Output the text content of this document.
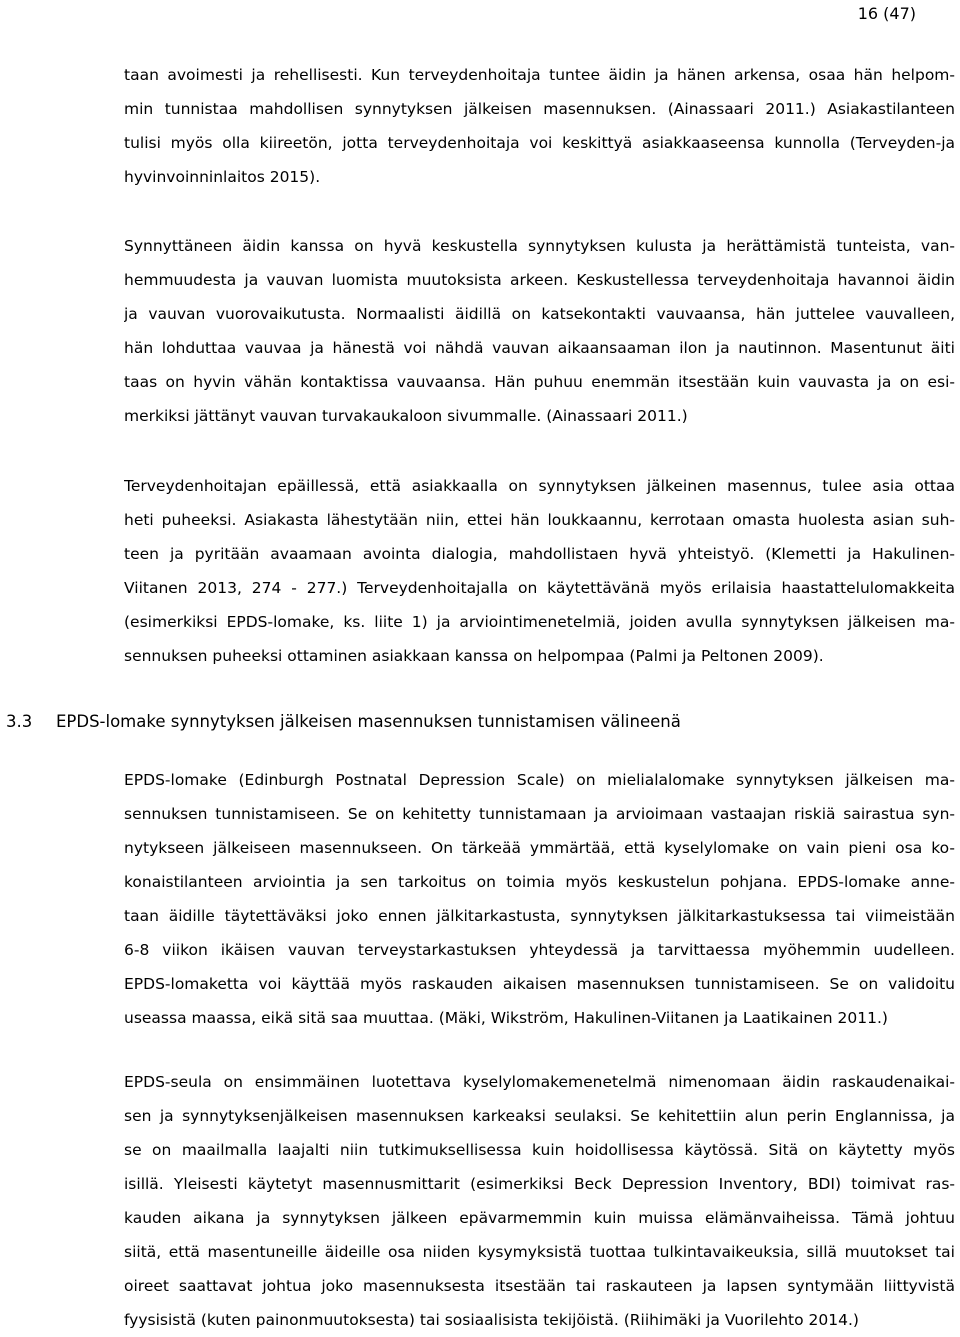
16 (47)

taan avoimesti ja rehellisesti. Kun terveydenhoitaja tuntee äidin ja hänen arkensa, osaa hän helpom-
min tunnistaa mahdollisen synnytyksen jälkeisen masennuksen. (Ainassaari 2011.) Asiakastilanteen
tulisi myös olla kiireetön, jotta terveydenhoitaja voi keskittyä asiakkaaseensa kunnolla (Terveyden-ja
hyvinvoinninlaitos 2015).

Synnyttäneen äidin kanssa on hyvä keskustella synnytyksen kulusta ja herättämistä tunteista, van-
hemmuudesta ja vauvan luomista muutoksista arkeen. Keskustellessa terveydenhoitaja havannoi äidin
ja vauvan vuorovaikutusta. Normaalisti äidillä on katsekontakti vauvaansa, hän juttelee vauvalleen,
hän lohduttaa vauvaa ja hänestä voi nähdä vauvan aikaansaaman ilon ja nautinnon. Masentunut äiti
taas on hyvin vähän kontaktissa vauvaansa. Hän puhuu enemmän itsestään kuin vauvasta ja on esi-
merkiksi jättänyt vauvan turvakaukaloon sivummalle. (Ainassaari 2011.)

Terveydenhoitajan epäillessä, että asiakkaalla on synnytyksen jälkeinen masennus, tulee asia ottaa
heti puheeksi. Asiakasta lähestytään niin, ettei hän loukkaannu, kerrotaan omasta huolesta asian suh-
teen ja pyritään avaamaan avointa dialogia, mahdollistaen hyvä yhteistyö. (Klemetti ja Hakulinen-
Viitanen 2013, 274 - 277.) Terveydenhoitajalla on käytettävänä myös erilaisia haastattelulomakkeita
(esimerkiksi EPDS-lomake, ks. liite 1) ja arviointimenetelmiä, joiden avulla synnytyksen jälkeisen ma-
sennuksen puheeksi ottaminen asiakkaan kanssa on helpompaa (Palmi ja Peltonen 2009).

3.3 EPDS-lomake synnytyksen jälkeisen masennuksen tunnistamisen välineenä

EPDS-lomake (Edinburgh Postnatal Depression Scale) on mielialalomake synnytyksen jälkeisen ma-
sennuksen tunnistamiseen. Se on kehitetty tunnistamaan ja arvioimaan vastaajan riskiä sairastua syn-
nytykseen jälkeiseen masennukseen. On tärkeää ymmärtää, että kyselylomake on vain pieni osa ko-
konaistilanteen arviointia ja sen tarkoitus on toimia myös keskustelun pohjana. EPDS-lomake anne-
taan äidille täytettäväksi joko ennen jälkitarkastusta, synnytyksen jälkitarkastuksessa tai viimeistään
6-8 viikon ikäisen vauvan terveystarkastuksen yhteydessä ja tarvittaessa myöhemmin uudelleen.
EPDS-lomaketta voi käyttää myös raskauden aikaisen masennuksen tunnistamiseen. Se on validoitu
useassa maassa, eikä sitä saa muuttaa. (Mäki, Wikström, Hakulinen-Viitanen ja Laatikainen 2011.)

EPDS-seula on ensimmäinen luotettava kyselylomakemenetelmä nimenomaan äidin raskaudenaikai-
sen ja synnytyksenjälkeisen masennuksen karkeaksi seulaksi. Se kehitettiin alun perin Englannissa, ja
se on maailmalla laajalti niin tutkimuksellisessa kuin hoidollisessa käytössä. Sitä on käytetty myös
isillä. Yleisesti käytetyt masennusmittarit (esimerkiksi Beck Depression Inventory, BDI) toimivat ras-
kauden aikana ja synnytyksen jälkeen epävarmemmin kuin muissa elämänvaiheissa. Tämä johtuu
siitä, että masentuneille äideille osa niiden kysymyksistä tuottaa tulkintavaikeuksia, sillä muutokset tai
oireet saattavat johtua joko masennuksesta itsestään tai raskauteen ja lapsen syntymään liittyvistä
fyysisistä (kuten painonmuutoksesta) tai sosiaalisista tekijöistä. (Riihimäki ja Vuorilehto 2014.)
